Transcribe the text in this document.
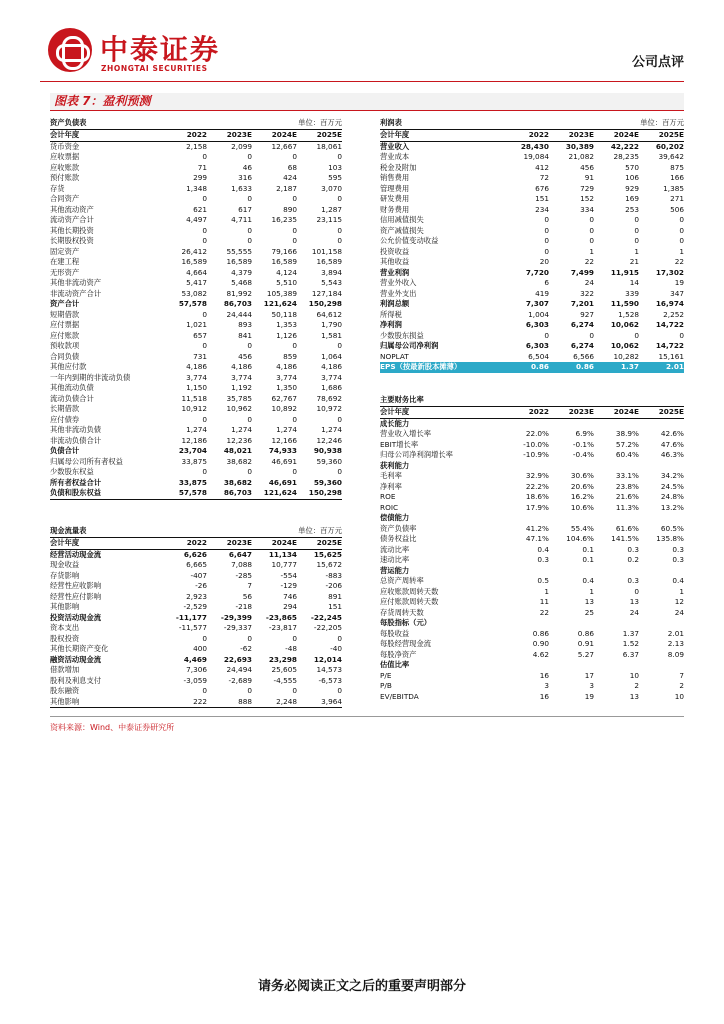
中泰证券
ZHONGTAI SECURITIES	公司点评
图表 7：盈利预测
资产负债表	单位：百万元
会计年度	2022	2023E	2024E	2025E
货币资金	2,158	2,099	12,667	18,061
应收票据	0	0	0	0
应收账款	71	46	68	103
预付账款	299	316	424	595
存货	1,348	1,633	2,187	3,070
合同资产	0	0	0	0
其他流动资产	621	617	890	1,287
流动资产合计	4,497	4,711	16,235	23,115
其他长期投资	0	0	0	0
长期股权投资	0	0	0	0
固定资产	26,412	55,555	79,166	101,158
在建工程	16,589	16,589	16,589	16,589
无形资产	4,664	4,379	4,124	3,894
其他非流动资产	5,417	5,468	5,510	5,543
非流动资产合计	53,082	81,992	105,389	127,184
资产合计	57,578	86,703	121,624	150,298
短期借款	0	24,444	50,118	64,612
应付票据	1,021	893	1,353	1,790
应付账款	657	841	1,126	1,581
预收款项	0	0	0	0
合同负债	731	456	859	1,064
其他应付款	4,186	4,186	4,186	4,186
一年内到期的非流动负债	3,774	3,774	3,774	3,774
其他流动负债	1,150	1,192	1,350	1,686
流动负债合计	11,518	35,785	62,767	78,692
长期借款	10,912	10,962	10,892	10,972
应付债券	0	0	0	0
其他非流动负债	1,274	1,274	1,274	1,274
非流动负债合计	12,186	12,236	12,166	12,246
负债合计	23,704	48,021	74,933	90,938
归属母公司所有者权益	33,875	38,682	46,691	59,360
少数股东权益	0	0	0	0
所有者权益合计	33,875	38,682	46,691	59,360
负债和股东权益	57,578	86,703	121,624	150,298
利润表	单位：百万元
会计年度	2022	2023E	2024E	2025E
营业收入	28,430	30,389	42,222	60,202
营业成本	19,084	21,082	28,235	39,642
税金及附加	412	456	570	875
销售费用	72	91	106	166
管理费用	676	729	929	1,385
研发费用	151	152	169	271
财务费用	234	334	253	506
信用减值损失	0	0	0	0
资产减值损失	0	0	0	0
公允价值变动收益	0	0	0	0
投资收益	0	1	1	1
其他收益	20	22	21	22
营业利润	7,720	7,499	11,915	17,302
营业外收入	6	24	14	19
营业外支出	419	322	339	347
利润总额	7,307	7,201	11,590	16,974
所得税	1,004	927	1,528	2,252
净利润	6,303	6,274	10,062	14,722
少数股东损益	0	0	0	0
归属母公司净利润	6,303	6,274	10,062	14,722
NOPLAT	6,504	6,566	10,282	15,161
EPS（按最新股本摊薄）	0.86	0.86	1.37	2.01
主要财务比率
会计年度	2022	2023E	2024E	2025E
成长能力
营业收入增长率	22.0%	6.9%	38.9%	42.6%
EBIT增长率	-10.0%	-0.1%	57.2%	47.6%
归母公司净利润增长率	-10.9%	-0.4%	60.4%	46.3%
获利能力
毛利率	32.9%	30.6%	33.1%	34.2%
净利率	22.2%	20.6%	23.8%	24.5%
ROE	18.6%	16.2%	21.6%	24.8%
ROIC	17.9%	10.6%	11.3%	13.2%
偿债能力
资产负债率	41.2%	55.4%	61.6%	60.5%
债务权益比	47.1%	104.6%	141.5%	135.8%
流动比率	0.4	0.1	0.3	0.3
速动比率	0.3	0.1	0.2	0.3
营运能力
总资产周转率	0.5	0.4	0.3	0.4
应收账款周转天数	1	1	0	1
应付账款周转天数	11	13	13	12
存货周转天数	22	25	24	24
每股指标（元）
每股收益	0.86	0.86	1.37	2.01
每股经营现金流	0.90	0.91	1.52	2.13
每股净资产	4.62	5.27	6.37	8.09
估值比率
P/E	16	17	10	7
P/B	3	3	2	2
EV/EBITDA	16	19	13	10
现金流量表	单位：百万元
会计年度	2022	2023E	2024E	2025E
经营活动现金流	6,626	6,647	11,134	15,625
现金收益	6,665	7,088	10,777	15,672
存货影响	-407	-285	-554	-883
经营性应收影响	-26	7	-129	-206
经营性应付影响	2,923	56	746	891
其他影响	-2,529	-218	294	151
投资活动现金流	-11,177	-29,399	-23,865	-22,245
资本支出	-11,577	-29,337	-23,817	-22,205
股权投资	0	0	0	0
其他长期资产变化	400	-62	-48	-40
融资活动现金流	4,469	22,693	23,298	12,014
借款增加	7,306	24,494	25,605	14,573
股利及利息支付	-3,059	-2,689	-4,555	-6,573
股东融资	0	0	0	0
其他影响	222	888	2,248	3,964
资料来源：Wind、中泰证券研究所
请务必阅读正文之后的重要声明部分
